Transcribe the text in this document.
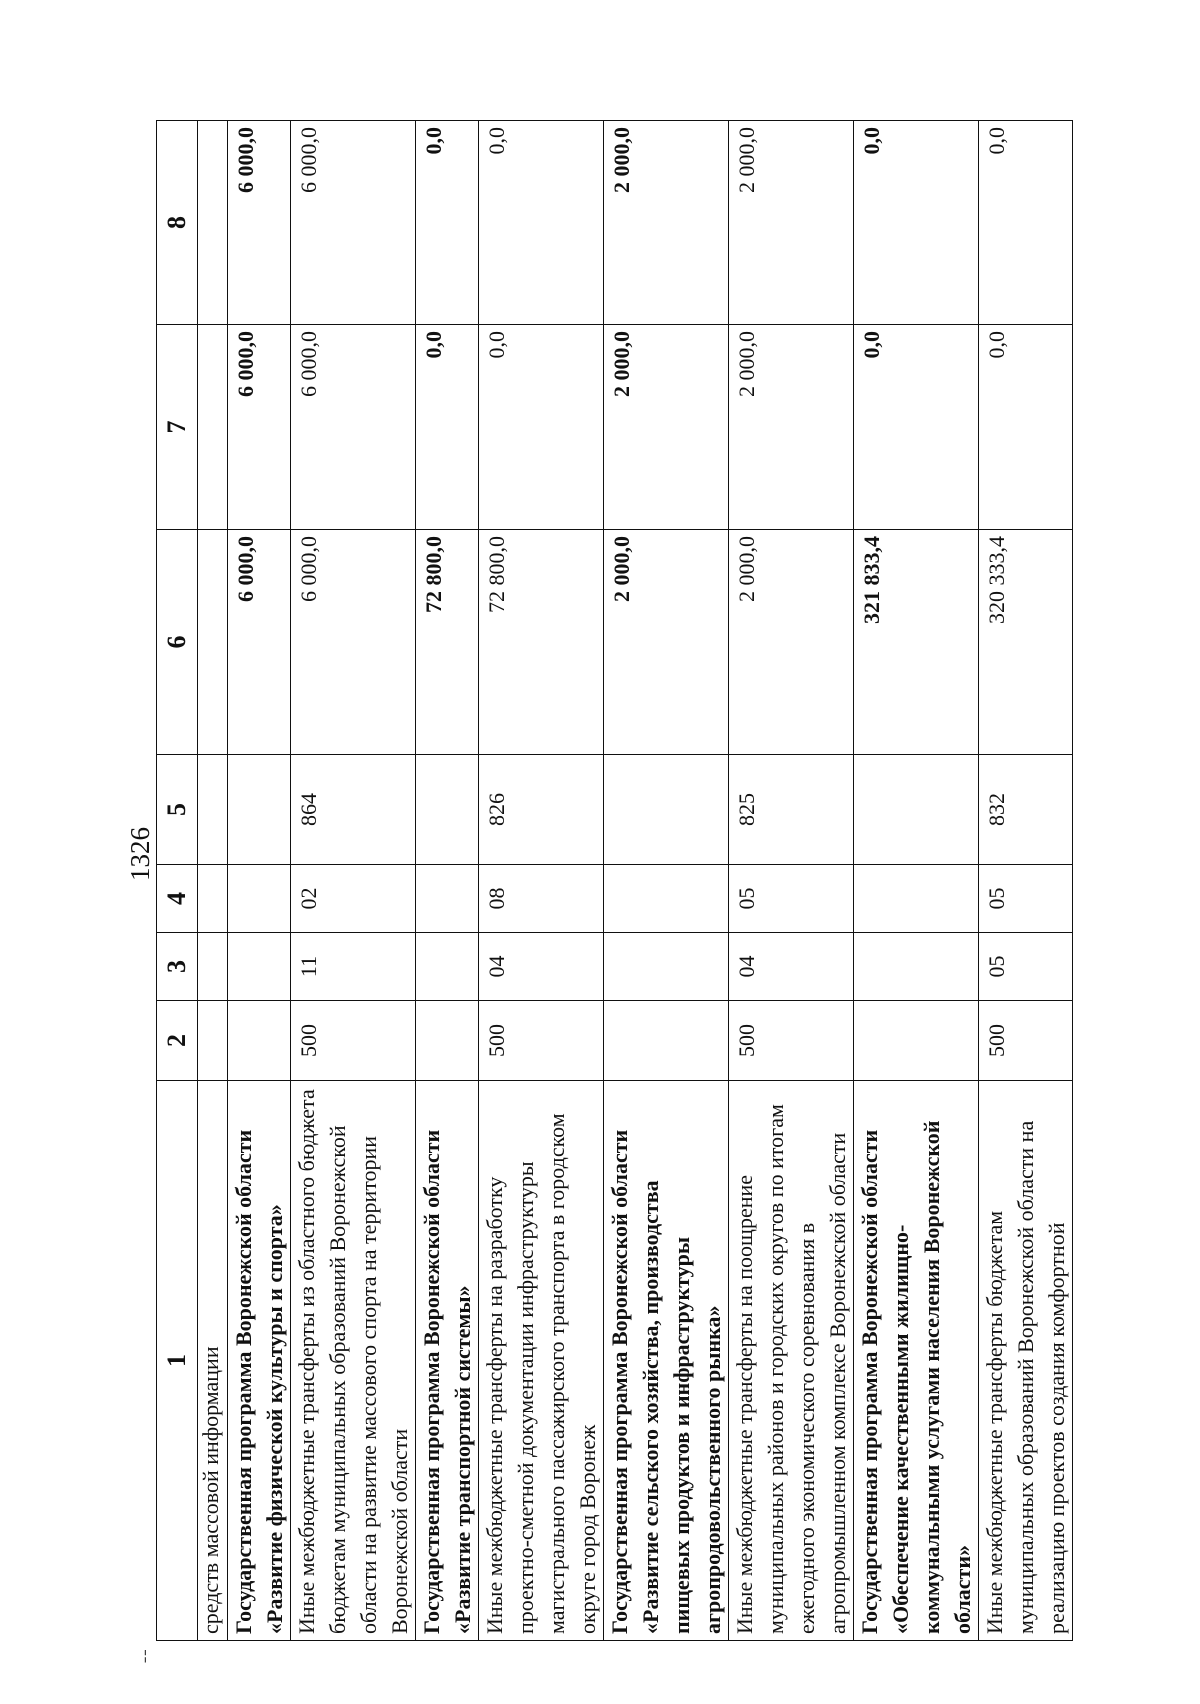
¦
1326
1	2	3	4	5	6	7	8
средств массовой информации							
Государственная программа Воронежской области «Развитие физической культуры и спорта»					6 000,0	6 000,0	6 000,0
Иные межбюджетные трансферты из областного бюджета бюджетам муниципальных образований Воронежской области на развитие массового спорта на территории Воронежской области	500	11	02	864	6 000,0	6 000,0	6 000,0
Государственная программа Воронежской области «Развитие транспортной системы»					72 800,0	0,0	0,0
Иные межбюджетные трансферты на разработку проектно-сметной документации инфраструктуры магистрального пассажирского транспорта в городском округе город Воронеж	500	04	08	826	72 800,0	0,0	0,0
Государственная программа Воронежской области «Развитие сельского хозяйства, производства пищевых продуктов и инфраструктуры агропродовольственного рынка»					2 000,0	2 000,0	2 000,0
Иные межбюджетные трансферты на поощрение муниципальных районов и городских округов по итогам ежегодного экономического соревнования в агропромышленном комплексе Воронежской области	500	04	05	825	2 000,0	2 000,0	2 000,0
Государственная программа Воронежской области «Обеспечение качественными жилищно-коммунальными услугами населения Воронежской области»					321 833,4	0,0	0,0
Иные межбюджетные трансферты бюджетам муниципальных образований Воронежской области на реализацию проектов создания комфортной	500	05	05	832	320 333,4	0,0	0,0
